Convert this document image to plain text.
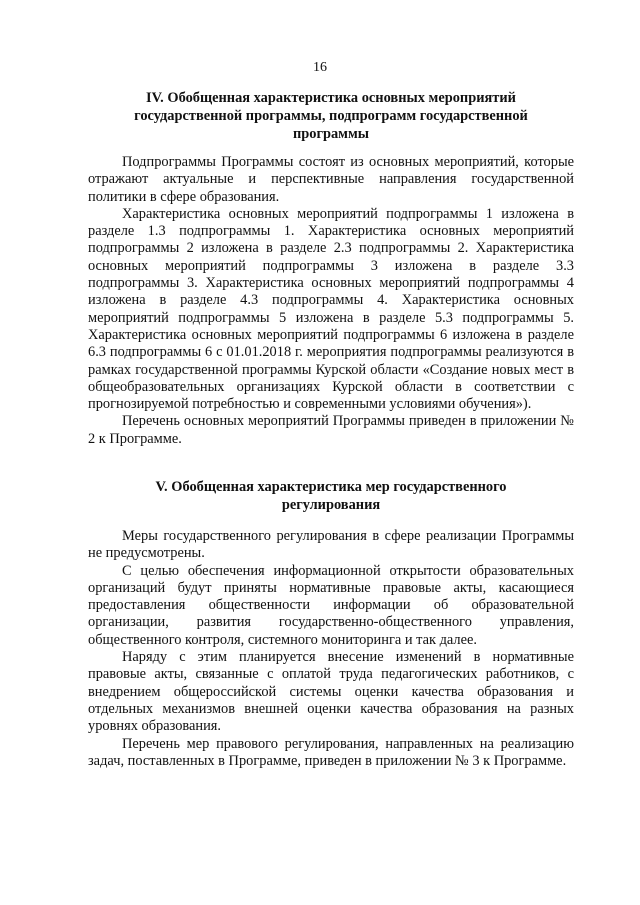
16
IV. Обобщенная характеристика основных мероприятий государственной программы, подпрограмм государственной программы

Подпрограммы Программы состоят из основных мероприятий, которые отражают актуальные и перспективные направления государственной политики в сфере образования.

Характеристика основных мероприятий подпрограммы 1 изложена в разделе 1.3 подпрограммы 1. Характеристика основных мероприятий подпрограммы 2 изложена в разделе 2.3 подпрограммы 2. Характеристика основных мероприятий подпрограммы 3 изложена в разделе 3.3 подпрограммы 3. Характеристика основных мероприятий подпрограммы 4 изложена в разделе 4.3 подпрограммы 4. Характеристика основных мероприятий подпрограммы 5 изложена в разделе 5.3 подпрограммы 5. Характеристика основных мероприятий подпрограммы 6 изложена в разделе 6.3 подпрограммы 6 с 01.01.2018 г. мероприятия подпрограммы реализуются в рамках государственной программы Курской области «Создание новых мест в общеобразовательных организациях Курской области в соответствии с прогнозируемой потребностью и современными условиями обучения»).

Перечень основных мероприятий Программы приведен в приложении № 2 к Программе.

V. Обобщенная характеристика мер государственного регулирования

Меры государственного регулирования в сфере реализации Программы не предусмотрены.

С целью обеспечения информационной открытости образовательных организаций будут приняты нормативные правовые акты, касающиеся предоставления общественности информации об образовательной организации, развития государственно-общественного управления, общественного контроля, системного мониторинга и так далее.

Наряду с этим планируется внесение изменений в нормативные правовые акты, связанные с оплатой труда педагогических работников, с внедрением общероссийской системы оценки качества образования и отдельных механизмов внешней оценки качества образования на разных уровнях образования.

Перечень мер правового регулирования, направленных на реализацию задач, поставленных в Программе, приведен в приложении № 3 к Программе.
